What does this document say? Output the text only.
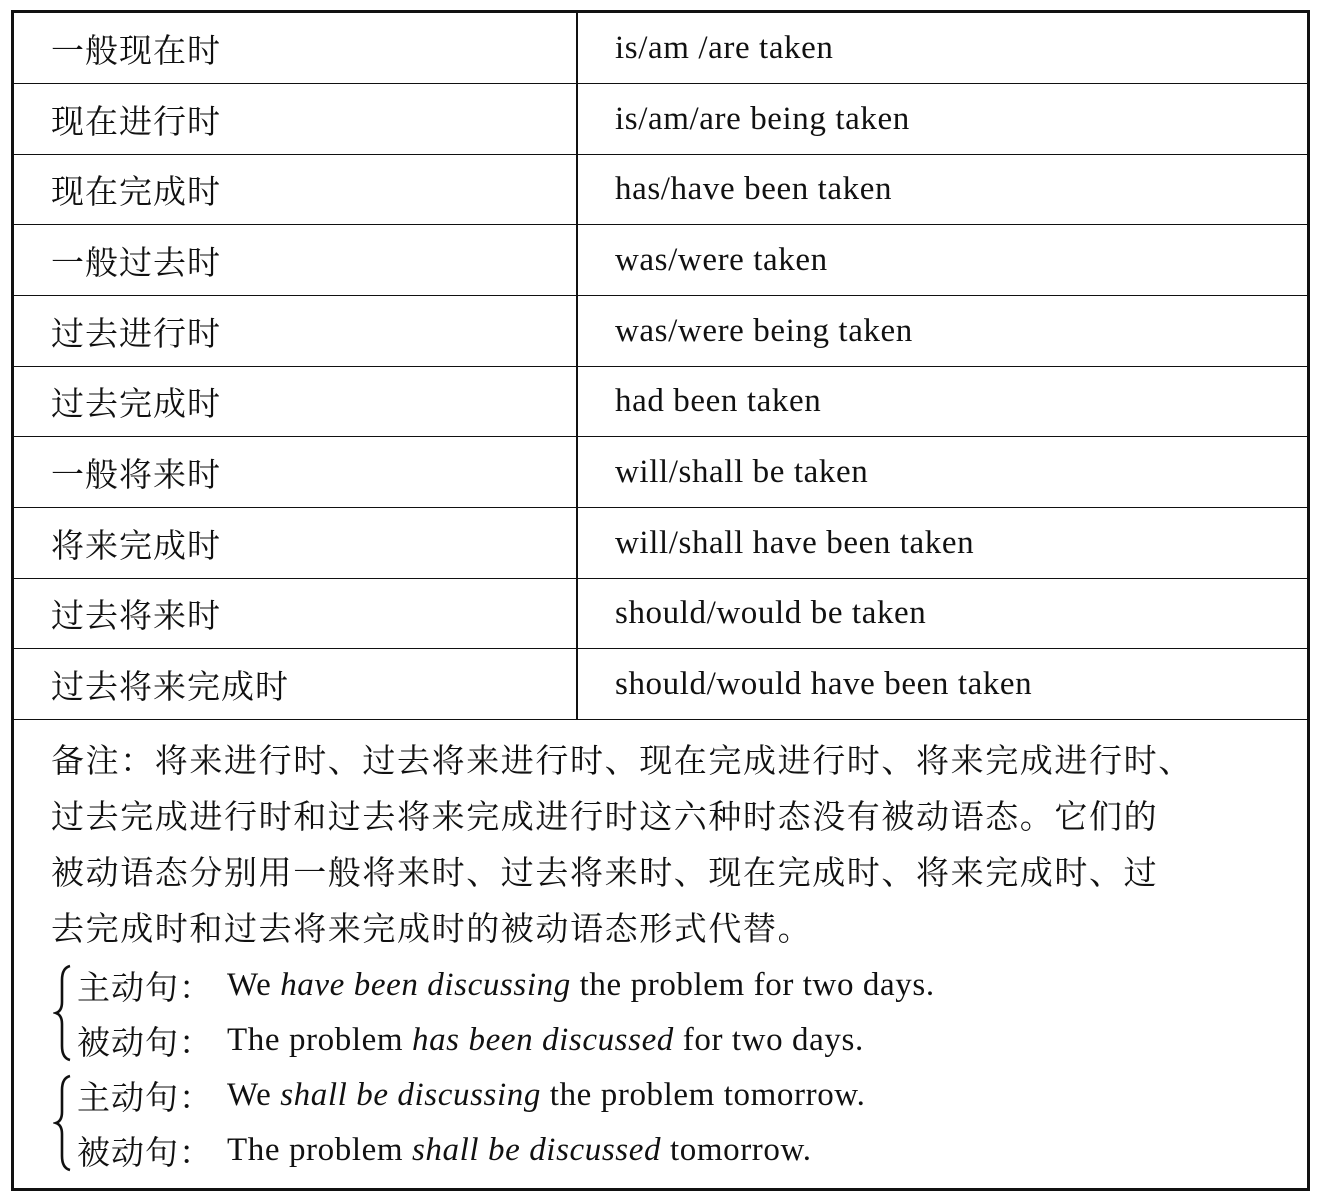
一般现在时	is/am /are taken
现在进行时	is/am/are being taken
现在完成时	has/have been taken
一般过去时	was/were taken
过去进行时	was/were being taken
过去完成时	had been taken
一般将来时	will/shall be taken
将来完成时	will/shall have been taken
过去将来时	should/would be taken
过去将来完成时	should/would have been taken
备注：将来进行时、过去将来进行时、现在完成进行时、将来完成进行时、
过去完成进行时和过去将来完成进行时这六种时态没有被动语态。它们的
被动语态分别用一般将来时、过去将来时、现在完成时、将来完成时、过
去完成时和过去将来完成时的被动语态形式代替。
主动句： We have been discussing the problem for two days.
被动句： The problem has been discussed for two days.
主动句： We shall be discussing the problem tomorrow.
被动句： The problem shall be discussed tomorrow.
